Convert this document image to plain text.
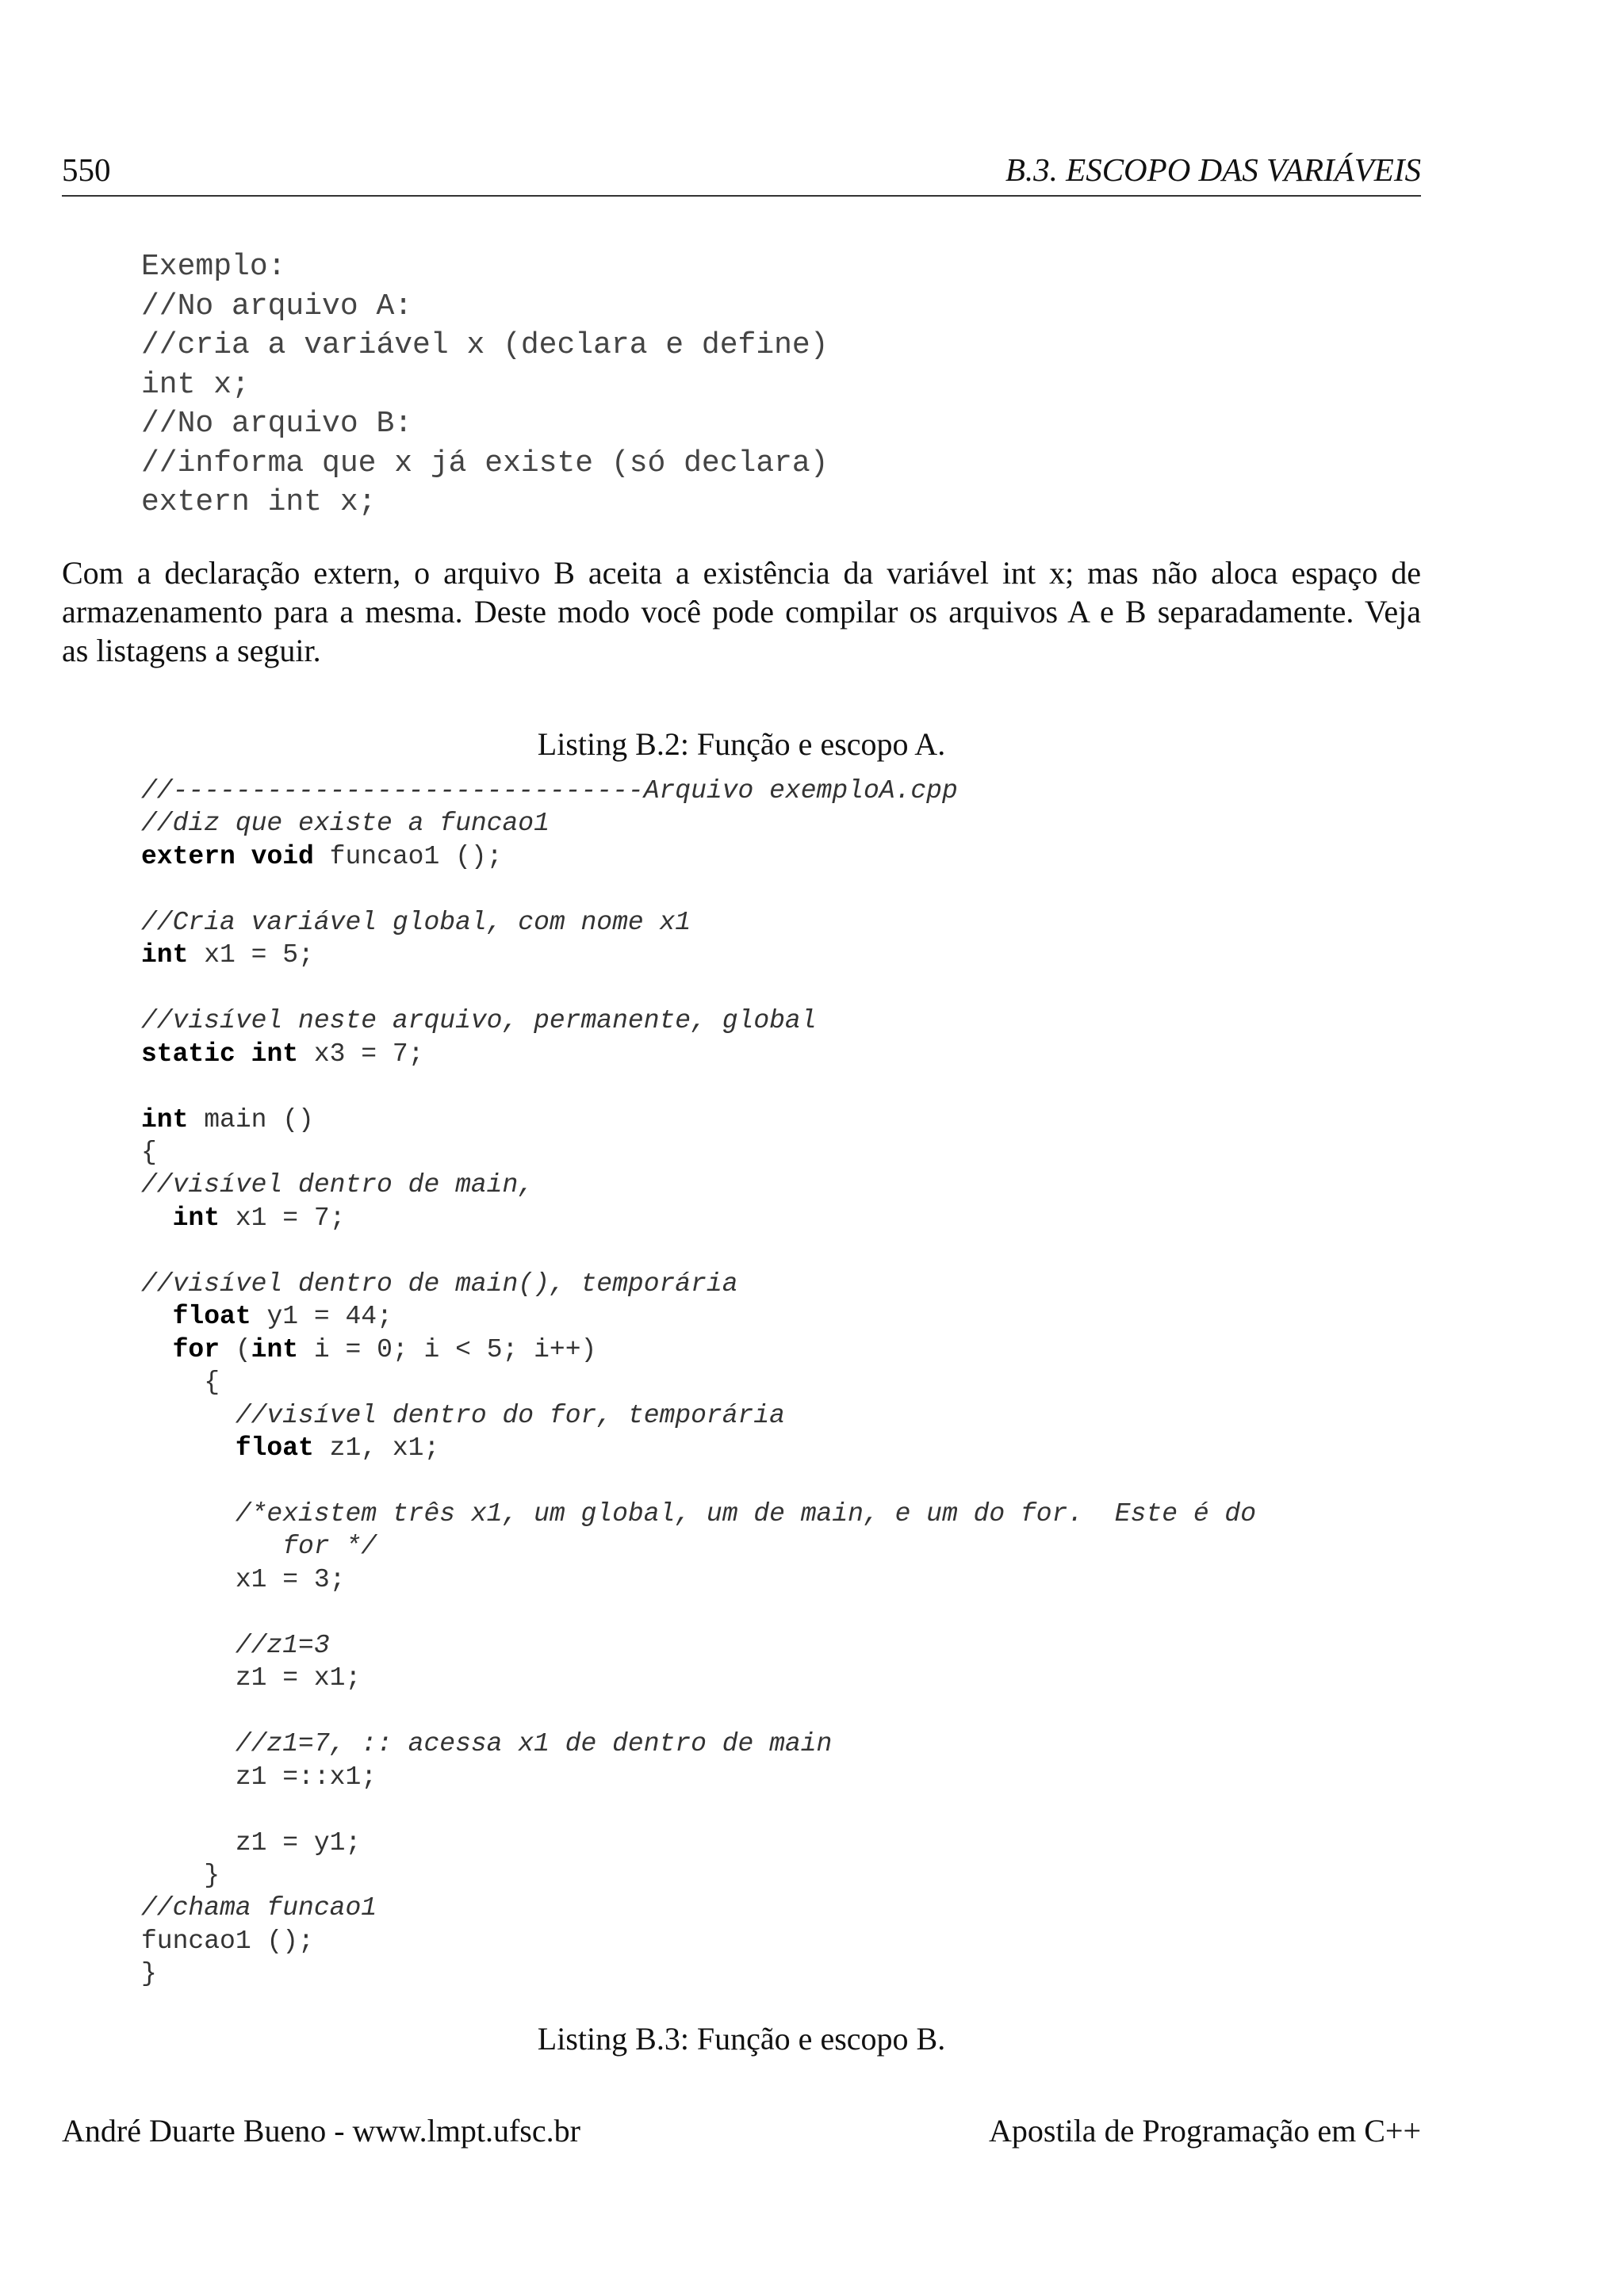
550	B.3. ESCOPO DAS VARIÁVEIS
Exemplo:
//No arquivo A:
//cria a variável x (declara e define)
int x;
//No arquivo B:
//informa que x já existe (só declara)
extern int x;
Com a declaração extern, o arquivo B aceita a existência da variável int x; mas não aloca espaço de
armazenamento para a mesma. Deste modo você pode compilar os arquivos A e B separadamente. Veja
as listagens a seguir.
Listing B.2: Função e escopo A.
//------------------------------Arquivo exemploA.cpp
//diz que existe a funcao1
extern void funcao1 ();

//Cria variável global, com nome x1
int x1 = 5;

//visível neste arquivo, permanente, global
static int x3 = 7;

int main ()
{
//visível dentro de main,
int x1 = 7;

//visível dentro de main(), temporária
float y1 = 44;
for (int i = 0; i < 5; i++)
{
//visível dentro do for, temporária
float z1, x1;

/*existem três x1, um global, um de main, e um do for.  Este é do
for */
x1 = 3;

//z1=3
z1 = x1;

//z1=7, :: acessa x1 de dentro de main
z1 =::x1;

z1 = y1;
}
//chama funcao1
funcao1 ();
}
Listing B.3: Função e escopo B.
André Duarte Bueno - www.lmpt.ufsc.br	Apostila de Programação em C++
